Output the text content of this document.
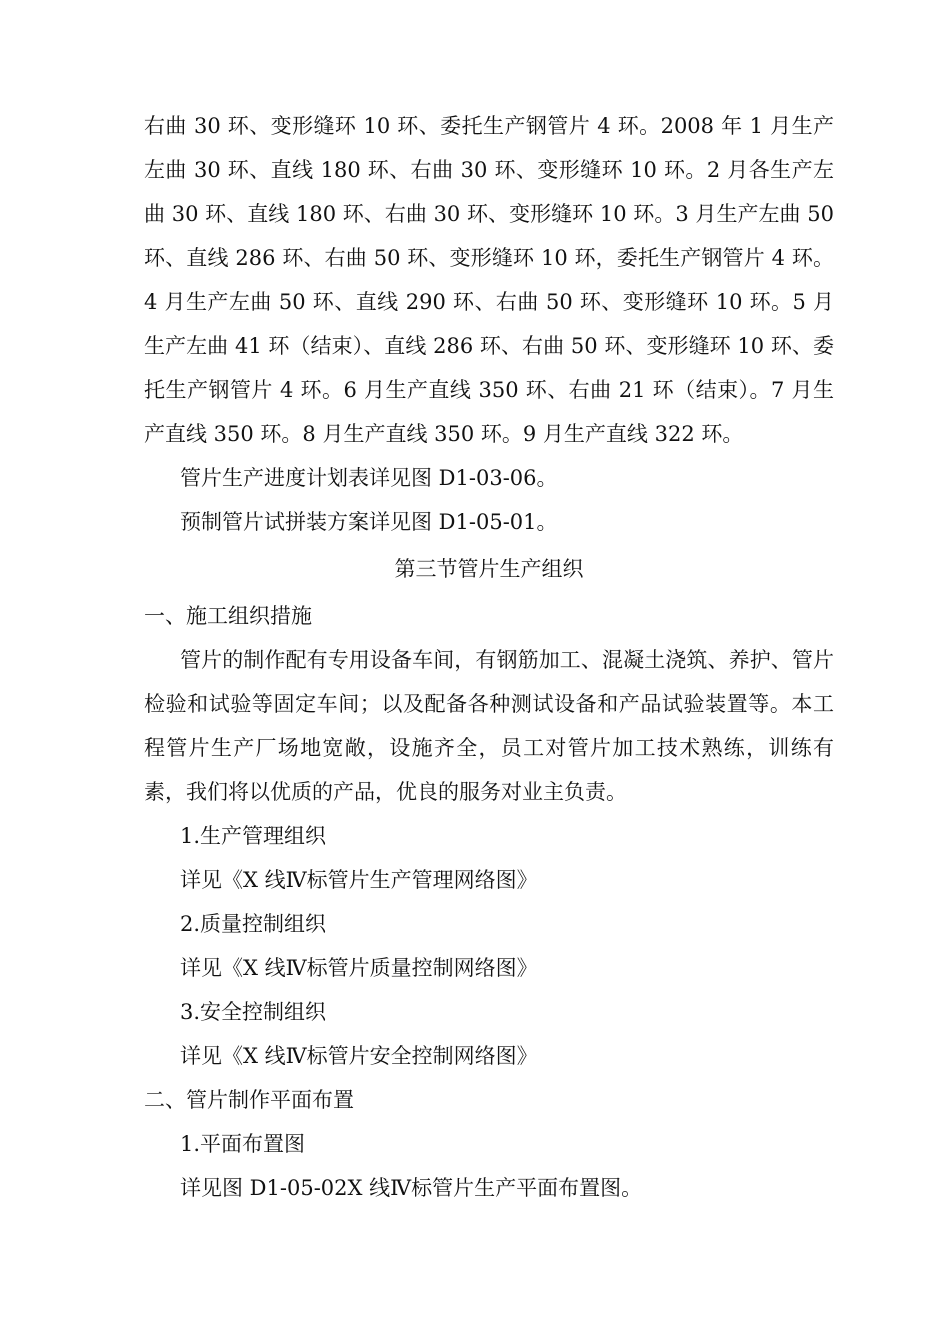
右曲 30 环、变形缝环 10 环、委托生产钢管片 4 环。2008 年 1 月生产左曲 30 环、直线 180 环、右曲 30 环、变形缝环 10 环。2 月各生产左曲 30 环、直线 180 环、右曲 30 环、变形缝环 10 环。3 月生产左曲 50 环、直线 286 环、右曲 50 环、变形缝环 10 环，委托生产钢管片 4 环。4 月生产左曲 50 环、直线 290 环、右曲 50 环、变形缝环 10 环。5 月生产左曲 41 环（结束）、直线 286 环、右曲 50 环、变形缝环 10 环、委托生产钢管片 4 环。6 月生产直线 350 环、右曲 21 环（结束）。7 月生产直线 350 环。8 月生产直线 350 环。9 月生产直线 322 环。

管片生产进度计划表详见图 D1-03-06。

预制管片试拼装方案详见图 D1-05-01。

第三节管片生产组织

一、施工组织措施

管片的制作配有专用设备车间，有钢筋加工、混凝土浇筑、养护、管片检验和试验等固定车间；以及配备各种测试设备和产品试验装置等。本工程管片生产厂场地宽敞，设施齐全，员工对管片加工技术熟练，训练有素，我们将以优质的产品，优良的服务对业主负责。

1.生产管理组织

详见《X 线Ⅳ标管片生产管理网络图》

2.质量控制组织

详见《X 线Ⅳ标管片质量控制网络图》

3.安全控制组织

详见《X 线Ⅳ标管片安全控制网络图》

二、管片制作平面布置

1.平面布置图

详见图 D1-05-02X 线Ⅳ标管片生产平面布置图。
